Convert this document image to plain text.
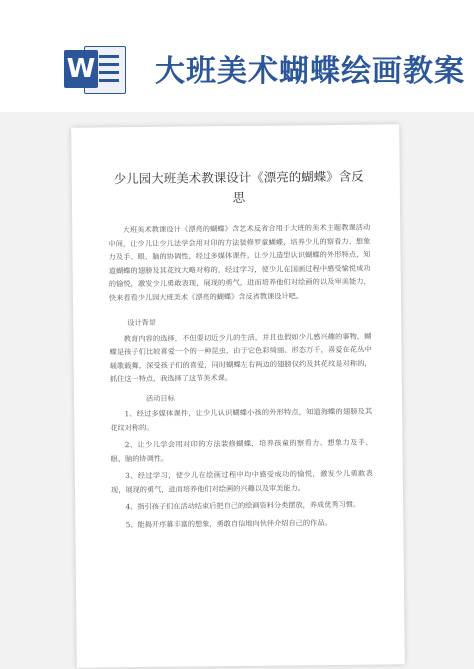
W 大班美术蝴蝶绘画教案
少儿园大班美术教课设计《漂亮的蝴蝶》含反思

大班美术教课设计《漂亮的蝴蝶》含艺术反省合用于大班的美术主题教课活动中间，让少儿让少儿法学会用对印的方法装修罗童蝴蝶，培养少儿的察看力、想象力及手、眼、脑的协调性，经过多媒体课件，让少儿造型认识蝴蝶的外形特点，知道蝴蝶的翅膀及其花纹大略对称的，经过学习，使少儿在国画过程中感受愉悦成功的愉悦，激发少儿勇敢表现，展现的勇气，进而培养他们对绘画的以及审美能力，快来看看少儿园大班美术《漂亮的蝴蝶》含反省教课设计吧。

设计背景

教育内容的选择，不但要切近少儿的生活，并且也假如少儿感兴趣的事物，蝴蝶是孩子们比较喜爱一个的一种昆虫，由于它色彩绮丽、形态万千，喜爱在花丛中载歌载舞，深受孩子们的喜爱，同时蝴蝶左右两边的翅膀仅约及其花纹是对称的，抓住这一特点，我选择了这节美术课。

活动目标

1、经过多媒体课件，让少儿认识蝴蝶小孩的外形特点，知道海蝶的翅膀及其花纹对称的。

2、让少儿学会用对印的方法装修蝴蝶，培养孩童的察看力、想象力及手、眼、脑的协调性。

3、经过学习，使少儿在绘画过程中均中感受成功的愉悦，激发少儿勇敢表现，展现的勇气，进而培养他们对绘画的兴趣以及审美能力。

4、指引孩子们在活动结束后把自己的绘画资料分类摆放，养成优秀习惯。

5、能揭开序幕丰富的想象，勇敢自信地向伙伴介绍自己的作品。
